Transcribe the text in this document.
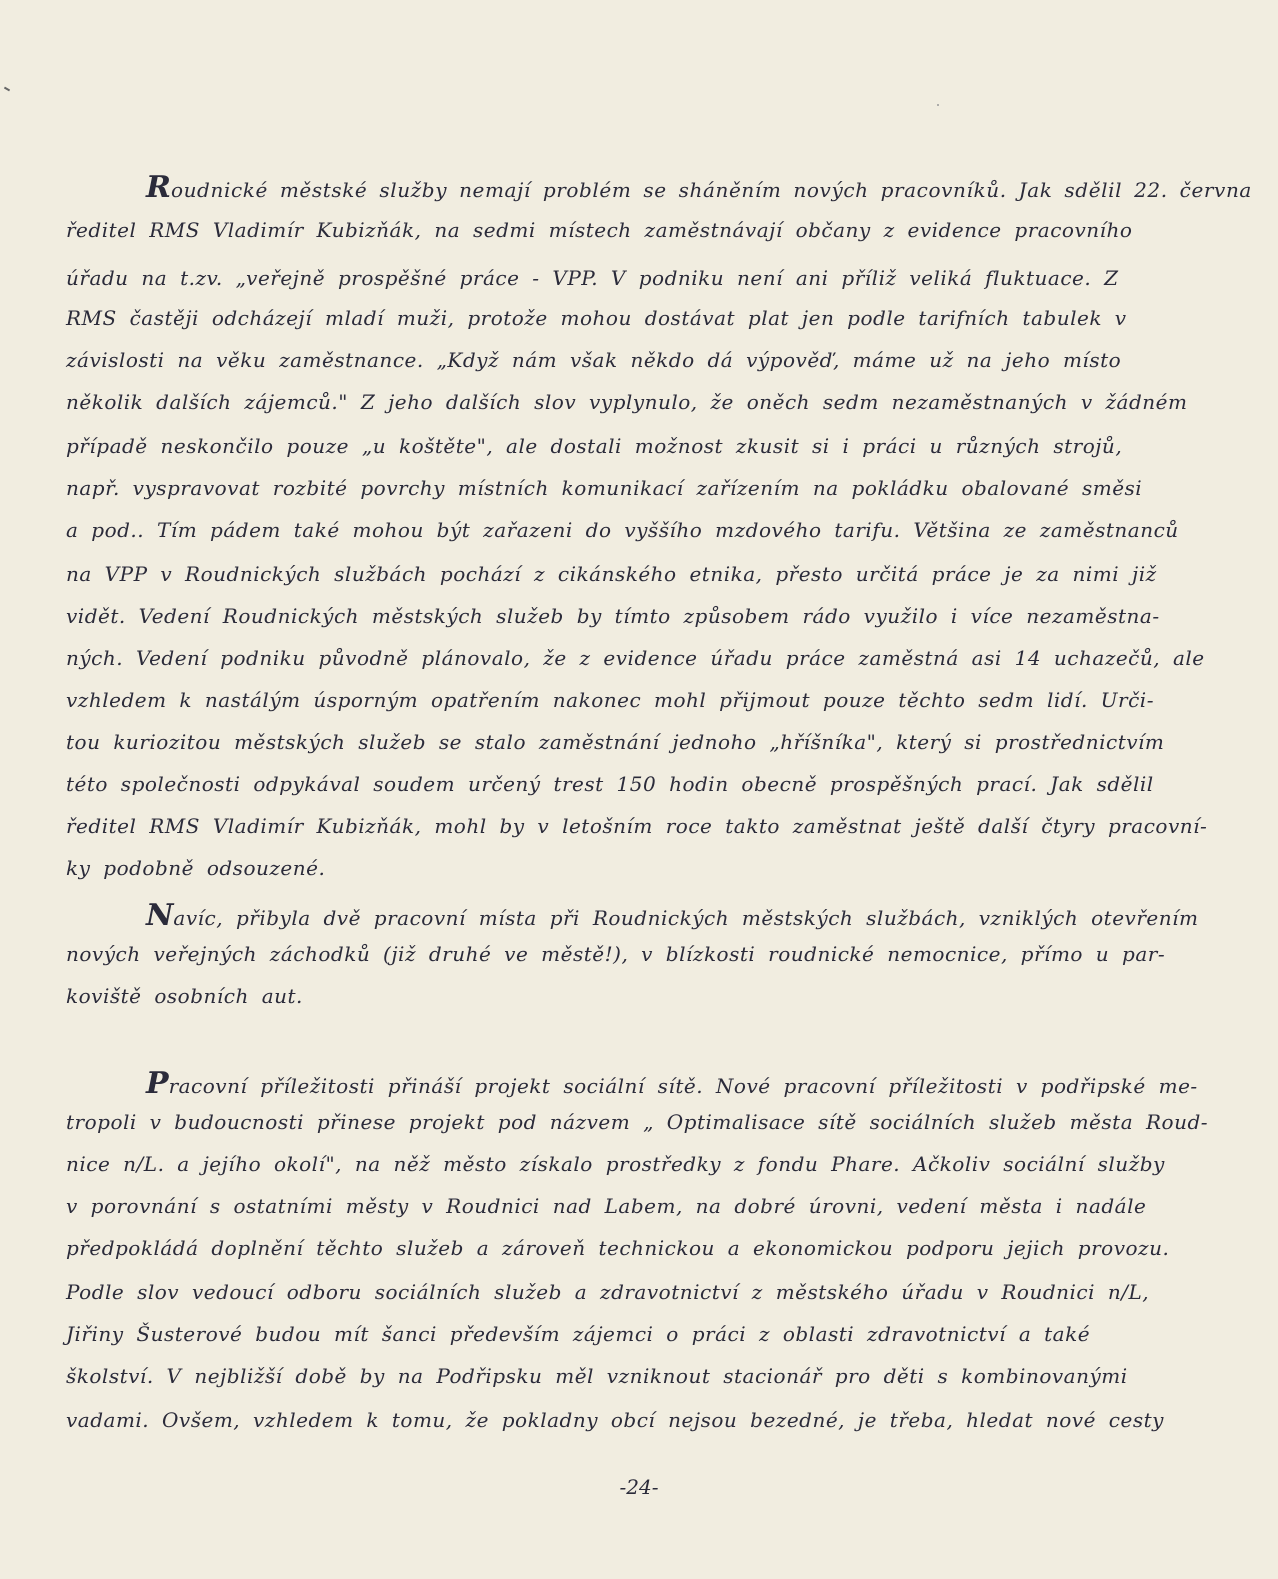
Roudnické městské služby nemají problém se sháněním nových pracovníků. Jak sdělil 22. června
ředitel RMS Vladimír Kubizňák, na sedmi místech zaměstnávají občany z evidence pracovního
úřadu na t.zv. „veřejně prospěšné práce - VPP. V podniku není ani příliž veliká fluktuace. Z
RMS častěji odcházejí mladí muži, protože mohou dostávat plat jen podle tarifních tabulek v
závislosti na věku zaměstnance. „Když nám však někdo dá výpověď, máme už na jeho místo
několik dalších zájemců." Z jeho dalších slov vyplynulo, že oněch sedm nezaměstnaných v žádném
případě neskončilo pouze „u koštěte", ale dostali možnost zkusit si i práci u různých strojů,
např. vyspravovat rozbité povrchy místních komunikací zařízením na pokládku obalované směsi
a pod.. Tím pádem také mohou být zařazeni do vyššího mzdového tarifu. Většina ze zaměstnanců
na VPP v Roudnických službách pochází z cikánského etnika, přesto určitá práce je za nimi již
vidět. Vedení Roudnických městských služeb by tímto způsobem rádo využilo i více nezaměstna-
ných. Vedení podniku původně plánovalo, že z evidence úřadu práce zaměstná asi 14 uchazečů, ale
vzhledem k nastálým úsporným opatřením nakonec mohl přijmout pouze těchto sedm lidí. Urči-
tou kuriozitou městských služeb se stalo zaměstnání jednoho „hříšníka", který si prostřednictvím
této společnosti odpykával soudem určený trest 150 hodin obecně prospěšných prací. Jak sdělil
ředitel RMS Vladimír Kubizňák, mohl by v letošním roce takto zaměstnat ještě další čtyry pracovní-
ky podobně odsouzené.
Navíc, přibyla dvě pracovní místa při Roudnických městských službách, vzniklých otevřením
nových veřejných záchodků (již druhé ve městě!), v blízkosti roudnické nemocnice, přímo u par-
koviště osobních aut.
Pracovní příležitosti přináší projekt sociální sítě. Nové pracovní příležitosti v podřipské me-
tropoli v budoucnosti přinese projekt pod názvem „ Optimalisace sítě sociálních služeb města Roud-
nice n/L. a jejího okolí", na něž město získalo prostředky z fondu Phare. Ačkoliv sociální služby
v porovnání s ostatními městy v Roudnici nad Labem, na dobré úrovni, vedení města i nadále
předpokládá doplnění těchto služeb a zároveň technickou a ekonomickou podporu jejich provozu.
Podle slov vedoucí odboru sociálních služeb a zdravotnictví z městského úřadu v Roudnici n/L,
Jiřiny Šusterové budou mít šanci především zájemci o práci z oblasti zdravotnictví a také
školství. V nejbližší době by na Podřipsku měl vzniknout stacionář pro děti s kombinovanými
vadami. Ovšem, vzhledem k tomu, že pokladny obcí nejsou bezedné, je třeba, hledat nové cesty
-24-
